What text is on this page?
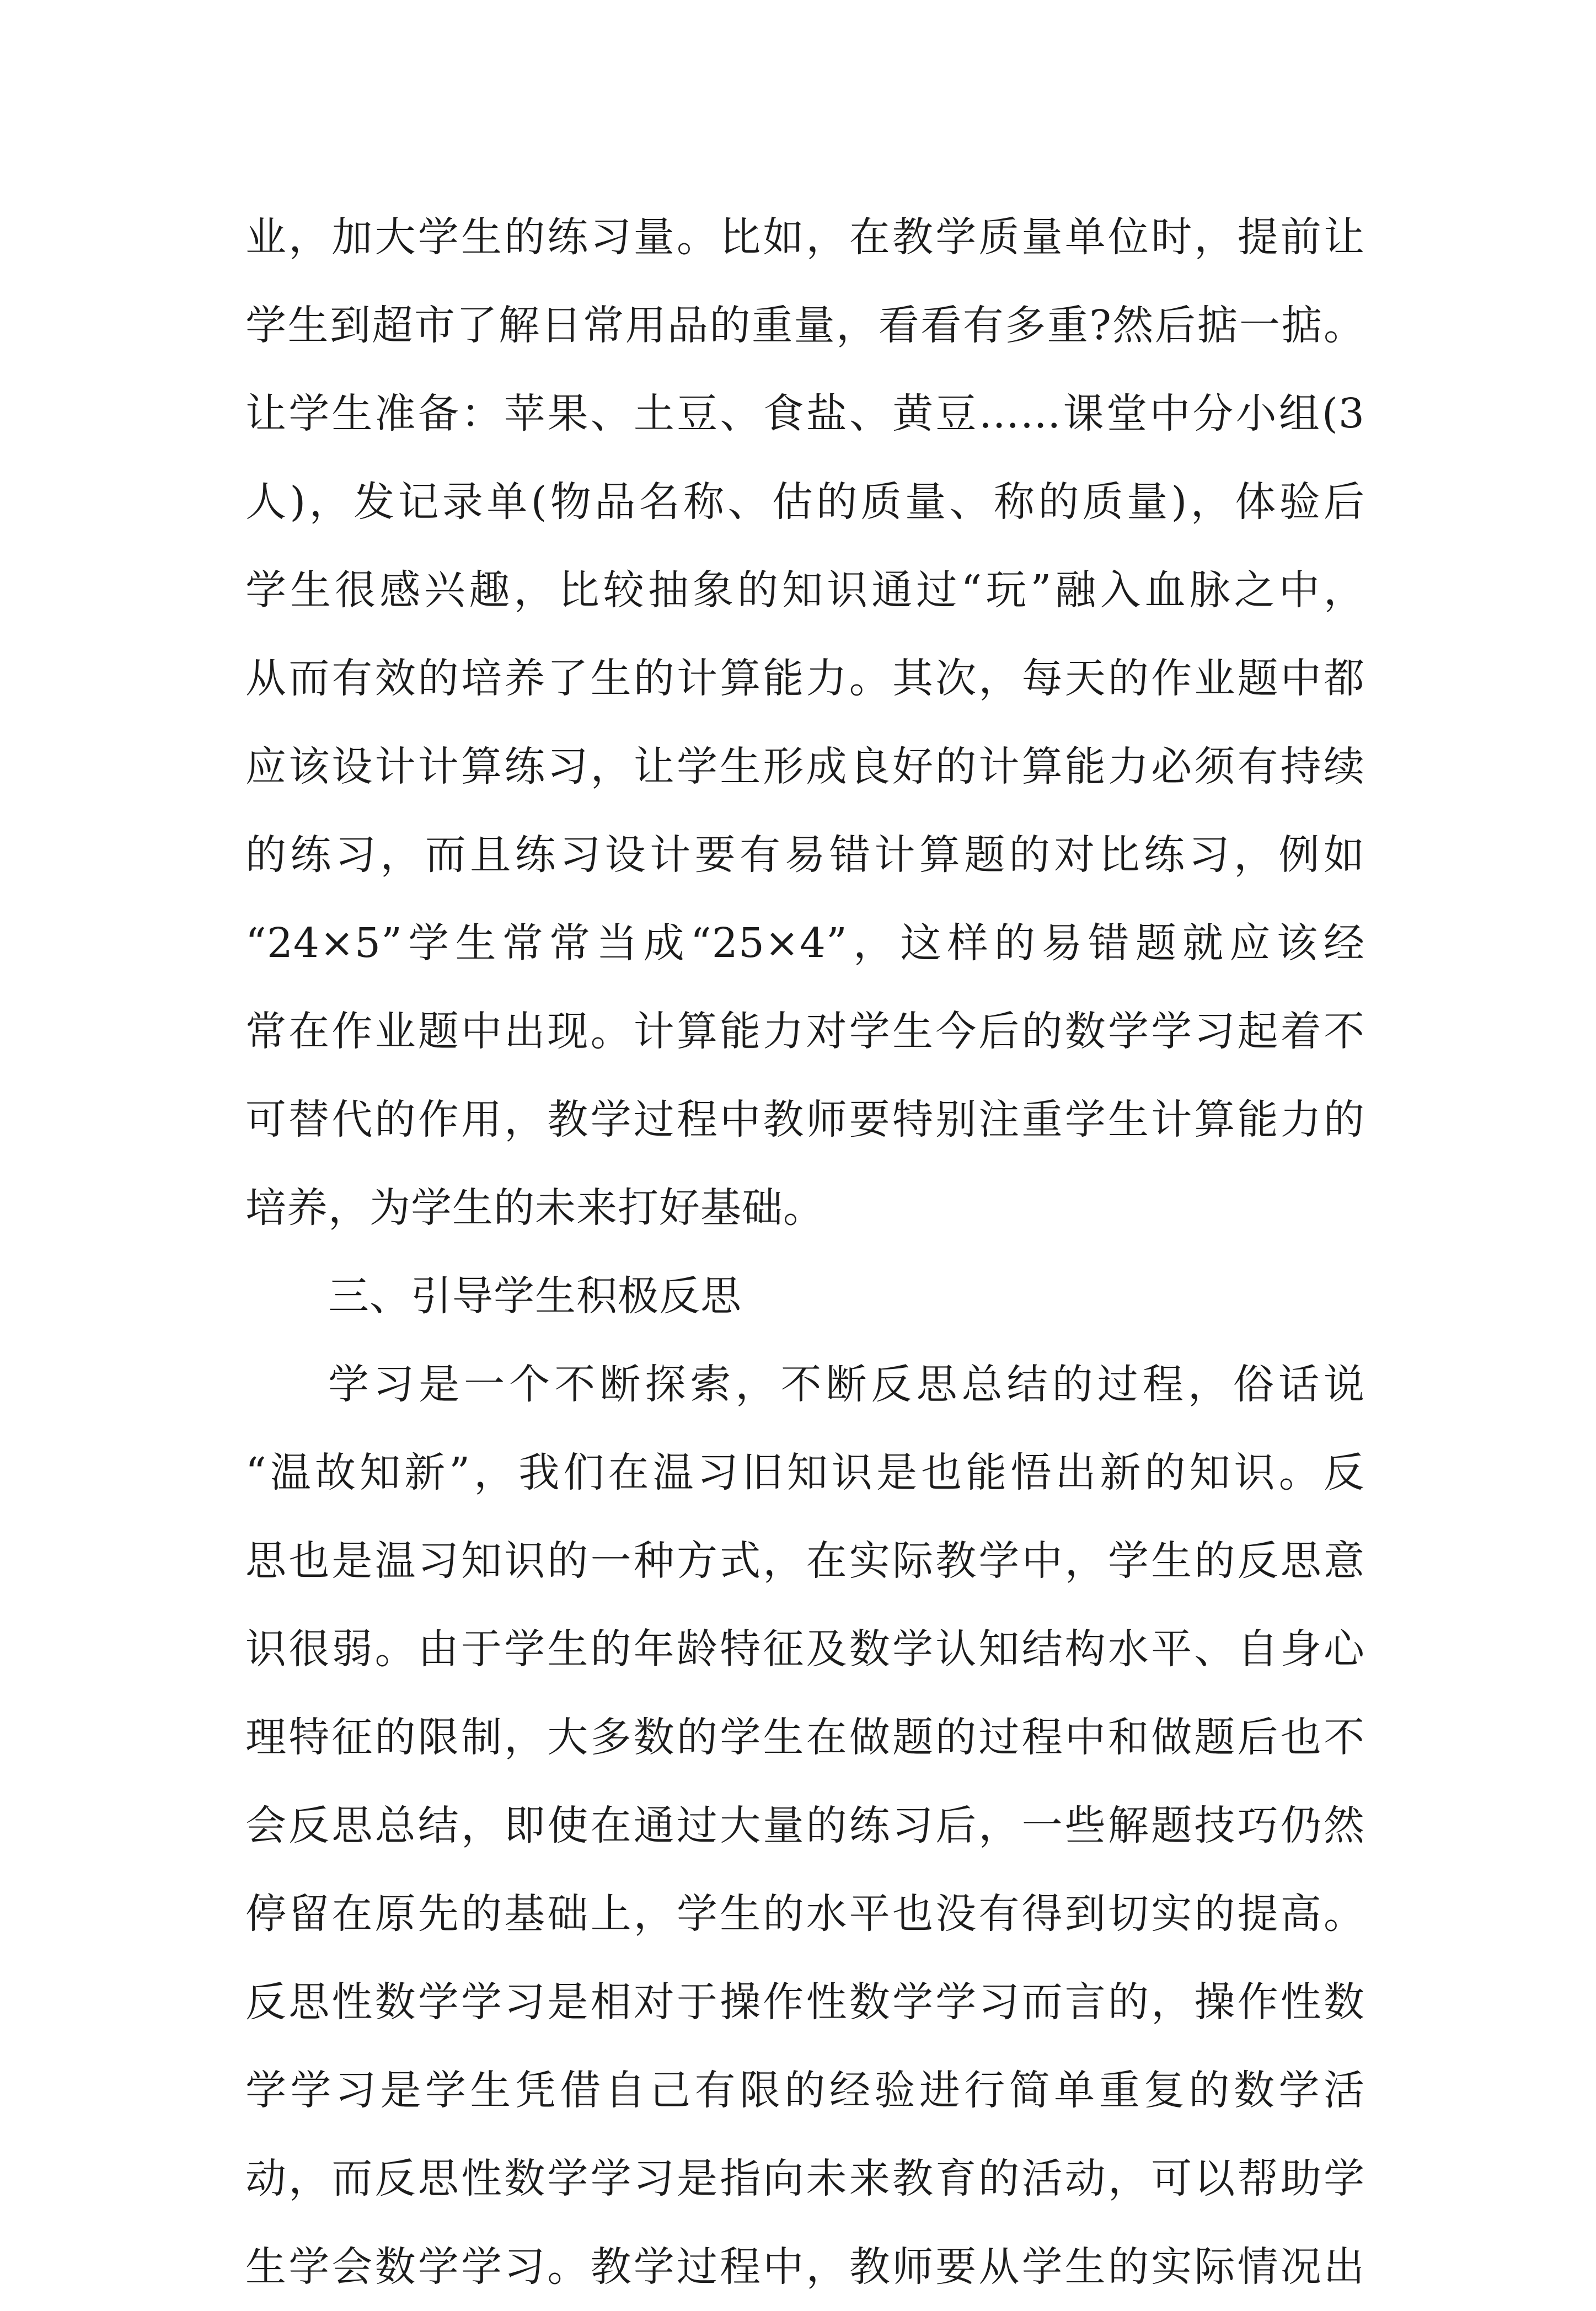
业，加大学生的练习量。比如，在教学质量单位时，提前让
学生到超市了解日常用品的重量，看看有多重?然后掂一掂。
让学生准备：苹果、土豆、食盐、黄豆……课堂中分小组(3
人)，发记录单(物品名称、估的质量、称的质量)，体验后
学生很感兴趣，比较抽象的知识通过“玩”融入血脉之中，
从而有效的培养了生的计算能力。其次，每天的作业题中都
应该设计计算练习，让学生形成良好的计算能力必须有持续
的练习，而且练习设计要有易错计算题的对比练习，例如
“24×5”学生常常当成“25×4”，这样的易错题就应该经
常在作业题中出现。计算能力对学生今后的数学学习起着不
可替代的作用，教学过程中教师要特别注重学生计算能力的
培养，为学生的未来打好基础。
三、引导学生积极反思
学习是一个不断探索，不断反思总结的过程，俗话说
“温故知新”，我们在温习旧知识是也能悟出新的知识。反
思也是温习知识的一种方式，在实际教学中，学生的反思意
识很弱。由于学生的年龄特征及数学认知结构水平、自身心
理特征的限制，大多数的学生在做题的过程中和做题后也不
会反思总结，即使在通过大量的练习后，一些解题技巧仍然
停留在原先的基础上，学生的水平也没有得到切实的提高。
反思性数学学习是相对于操作性数学学习而言的，操作性数
学学习是学生凭借自己有限的经验进行简单重复的数学活
动，而反思性数学学习是指向未来教育的活动，可以帮助学
生学会数学学习。教学过程中，教师要从学生的实际情况出
